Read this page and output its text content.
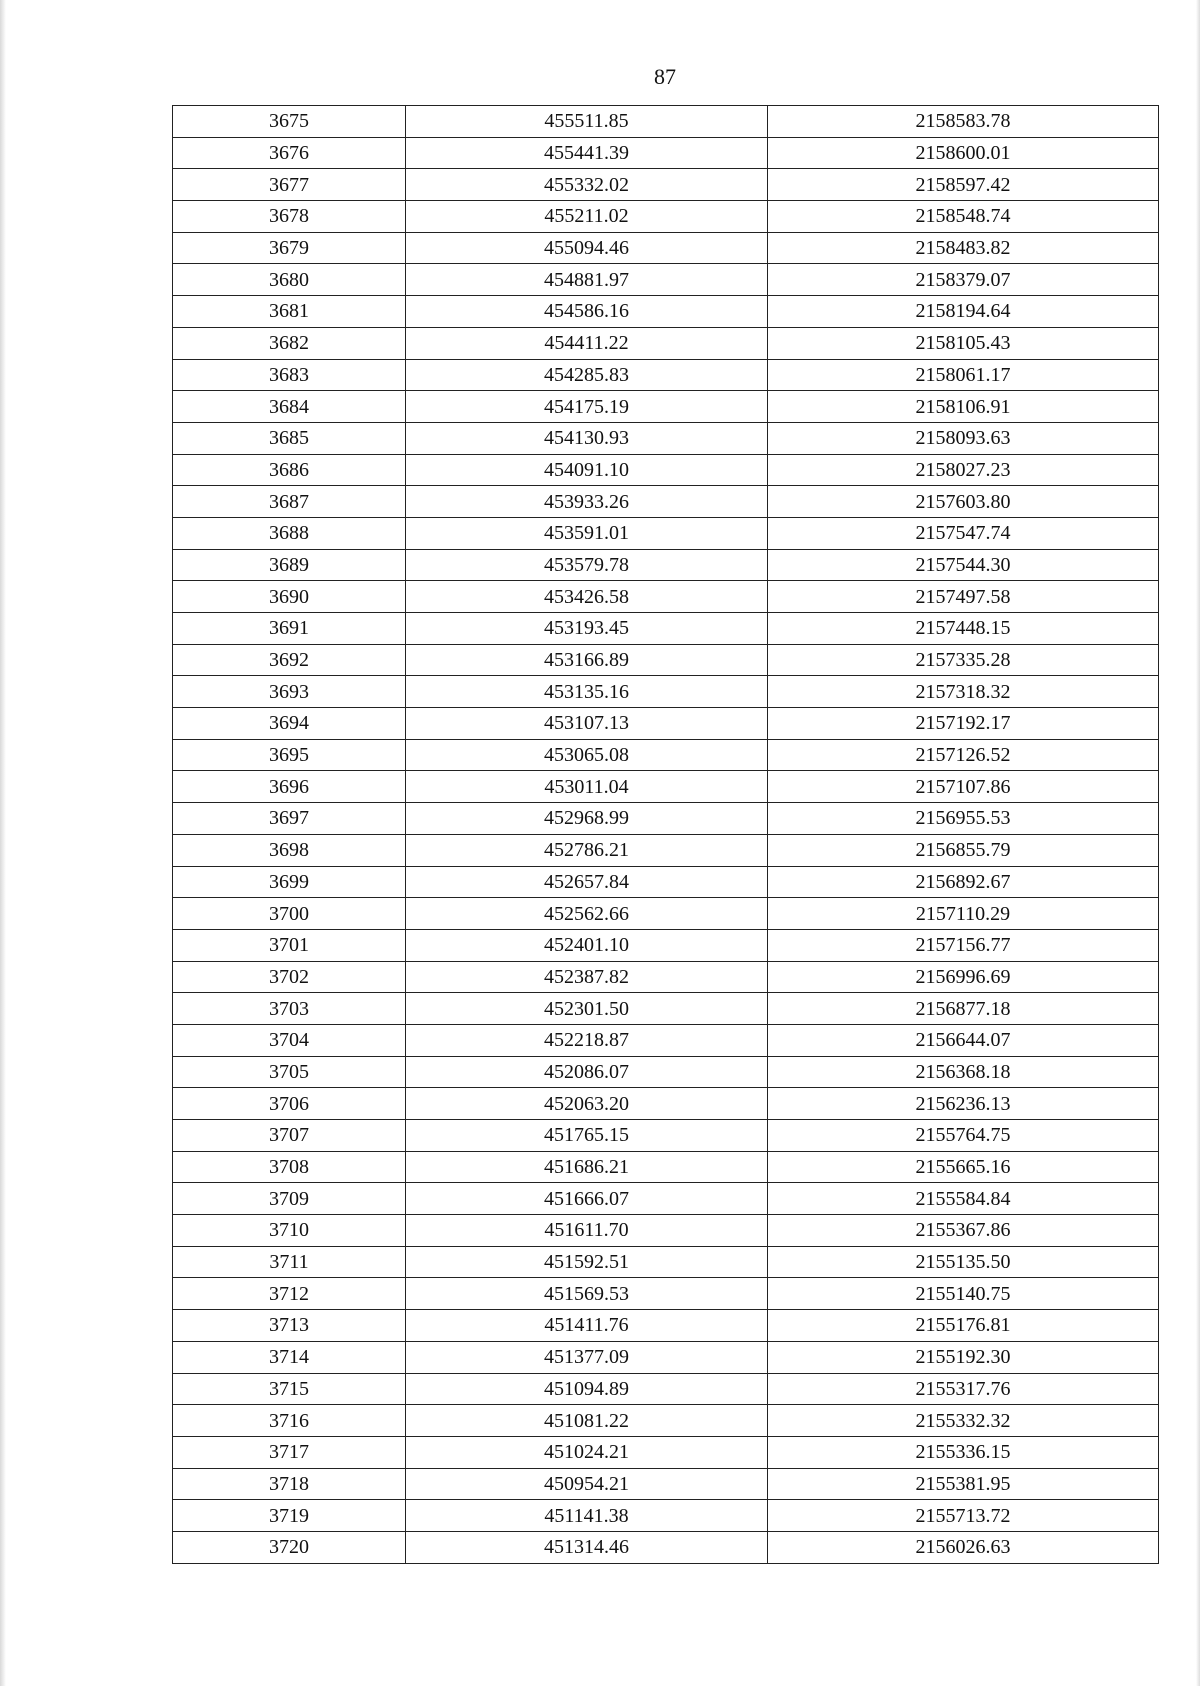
87
3675	455511.85	2158583.78
3676	455441.39	2158600.01
3677	455332.02	2158597.42
3678	455211.02	2158548.74
3679	455094.46	2158483.82
3680	454881.97	2158379.07
3681	454586.16	2158194.64
3682	454411.22	2158105.43
3683	454285.83	2158061.17
3684	454175.19	2158106.91
3685	454130.93	2158093.63
3686	454091.10	2158027.23
3687	453933.26	2157603.80
3688	453591.01	2157547.74
3689	453579.78	2157544.30
3690	453426.58	2157497.58
3691	453193.45	2157448.15
3692	453166.89	2157335.28
3693	453135.16	2157318.32
3694	453107.13	2157192.17
3695	453065.08	2157126.52
3696	453011.04	2157107.86
3697	452968.99	2156955.53
3698	452786.21	2156855.79
3699	452657.84	2156892.67
3700	452562.66	2157110.29
3701	452401.10	2157156.77
3702	452387.82	2156996.69
3703	452301.50	2156877.18
3704	452218.87	2156644.07
3705	452086.07	2156368.18
3706	452063.20	2156236.13
3707	451765.15	2155764.75
3708	451686.21	2155665.16
3709	451666.07	2155584.84
3710	451611.70	2155367.86
3711	451592.51	2155135.50
3712	451569.53	2155140.75
3713	451411.76	2155176.81
3714	451377.09	2155192.30
3715	451094.89	2155317.76
3716	451081.22	2155332.32
3717	451024.21	2155336.15
3718	450954.21	2155381.95
3719	451141.38	2155713.72
3720	451314.46	2156026.63
